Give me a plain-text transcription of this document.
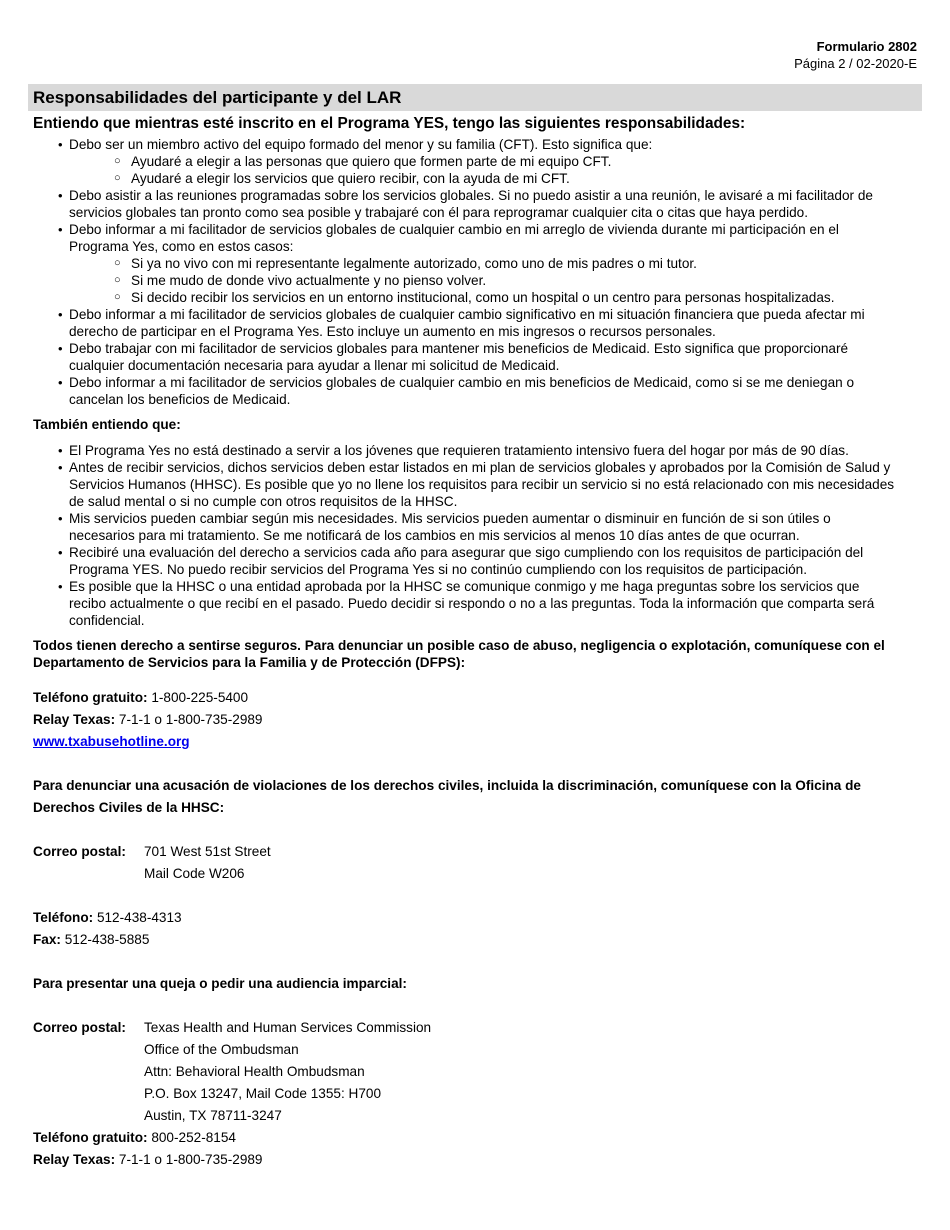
Formulario 2802
Página 2 / 02-2020-E
Responsabilidades del participante y del LAR
Entiendo que mientras esté inscrito en el Programa YES, tengo las siguientes responsabilidades:
• Debo ser un miembro activo del equipo formado del menor y su familia (CFT). Esto significa que:
○ Ayudaré a elegir a las personas que quiero que formen parte de mi equipo CFT.
○ Ayudaré a elegir los servicios que quiero recibir, con la ayuda de mi CFT.
• Debo asistir a las reuniones programadas sobre los servicios globales. Si no puedo asistir a una reunión, le avisaré a mi facilitador de
servicios globales tan pronto como sea posible y trabajaré con él para reprogramar cualquier cita o citas que haya perdido.
• Debo informar a mi facilitador de servicios globales de cualquier cambio en mi arreglo de vivienda durante mi participación en el
Programa Yes, como en estos casos:
○ Si ya no vivo con mi representante legalmente autorizado, como uno de mis padres o mi tutor.
○ Si me mudo de donde vivo actualmente y no pienso volver.
○ Si decido recibir los servicios en un entorno institucional, como un hospital o un centro para personas hospitalizadas.
• Debo informar a mi facilitador de servicios globales de cualquier cambio significativo en mi situación financiera que pueda afectar mi
derecho de participar en el Programa Yes. Esto incluye un aumento en mis ingresos o recursos personales.
• Debo trabajar con mi facilitador de servicios globales para mantener mis beneficios de Medicaid. Esto significa que proporcionaré
cualquier documentación necesaria para ayudar a llenar mi solicitud de Medicaid.
• Debo informar a mi facilitador de servicios globales de cualquier cambio en mis beneficios de Medicaid, como si se me deniegan o
cancelan los beneficios de Medicaid.
También entiendo que:
• El Programa Yes no está destinado a servir a los jóvenes que requieren tratamiento intensivo fuera del hogar por más de 90 días.
• Antes de recibir servicios, dichos servicios deben estar listados en mi plan de servicios globales y aprobados por la Comisión de Salud y
Servicios Humanos (HHSC). Es posible que yo no llene los requisitos para recibir un servicio si no está relacionado con mis necesidades
de salud mental o si no cumple con otros requisitos de la HHSC.
• Mis servicios pueden cambiar según mis necesidades. Mis servicios pueden aumentar o disminuir en función de si son útiles o
necesarios para mi tratamiento. Se me notificará de los cambios en mis servicios al menos 10 días antes de que ocurran.
• Recibiré una evaluación del derecho a servicios cada año para asegurar que sigo cumpliendo con los requisitos de participación del
Programa YES. No puedo recibir servicios del Programa Yes si no continúo cumpliendo con los requisitos de participación.
• Es posible que la HHSC o una entidad aprobada por la HHSC se comunique conmigo y me haga preguntas sobre los servicios que
recibo actualmente o que recibí en el pasado. Puedo decidir si respondo o no a las preguntas. Toda la información que comparta será
confidencial.
Todos tienen derecho a sentirse seguros. Para denunciar un posible caso de abuso, negligencia o explotación, comuníquese con el
Departamento de Servicios para la Familia y de Protección (DFPS):
Teléfono gratuito: 1-800-225-5400
Relay Texas: 7-1-1 o 1-800-735-2989
www.txabusehotline.org
Para denunciar una acusación de violaciones de los derechos civiles, incluida la discriminación, comuníquese con la Oficina de
Derechos Civiles de la HHSC:
Correo postal:	701 West 51st Street
Mail Code W206
Teléfono: 512-438-4313
Fax: 512-438-5885
Para presentar una queja o pedir una audiencia imparcial:
Correo postal:	Texas Health and Human Services Commission
Office of the Ombudsman
Attn: Behavioral Health Ombudsman
P.O. Box 13247, Mail Code 1355: H700
Austin, TX 78711-3247
Teléfono gratuito: 800-252-8154
Relay Texas: 7-1-1 o 1-800-735-2989
